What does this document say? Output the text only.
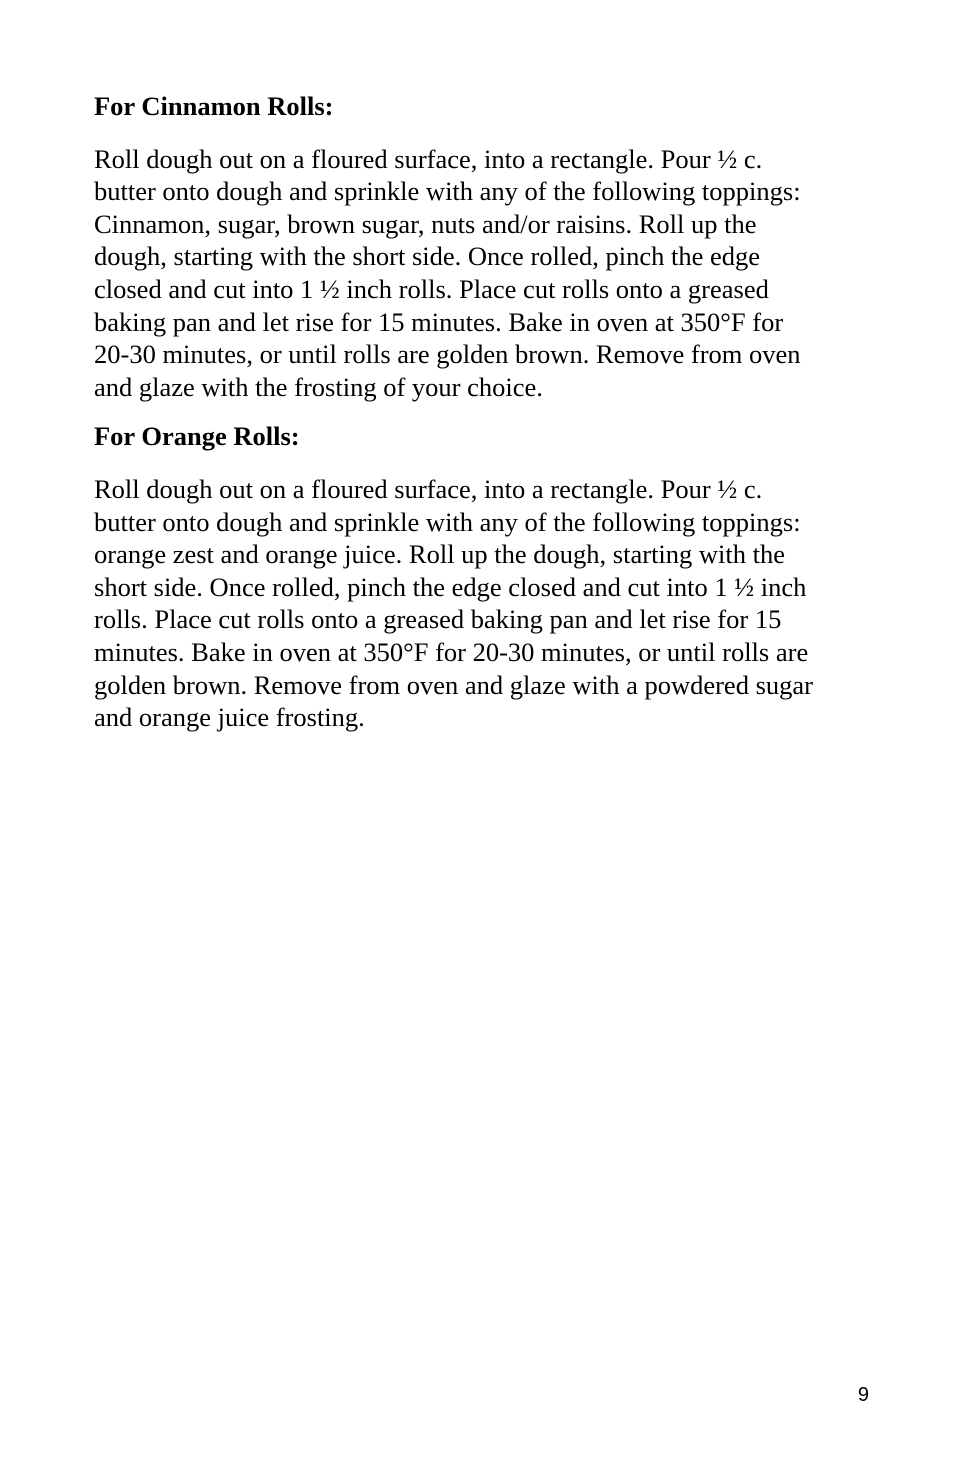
For Cinnamon Rolls:
Roll dough out on a floured surface, into a rectangle. Pour ½ c.
butter onto dough and sprinkle with any of the following toppings:
Cinnamon, sugar, brown sugar, nuts and/or raisins. Roll up the
dough, starting with the short side. Once rolled, pinch the edge
closed and cut into 1 ½ inch rolls. Place cut rolls onto a greased
baking pan and let rise for 15 minutes. Bake in oven at 350°F for
20-30 minutes, or until rolls are golden brown. Remove from oven
and glaze with the frosting of your choice.
For Orange Rolls:
Roll dough out on a floured surface, into a rectangle. Pour ½ c.
butter onto dough and sprinkle with any of the following toppings:
orange zest and orange juice. Roll up the dough, starting with the
short side. Once rolled, pinch the edge closed and cut into 1 ½ inch
rolls. Place cut rolls onto a greased baking pan and let rise for 15
minutes. Bake in oven at 350°F for 20-30 minutes, or until rolls are
golden brown. Remove from oven and glaze with a powdered sugar
and orange juice frosting.
9
